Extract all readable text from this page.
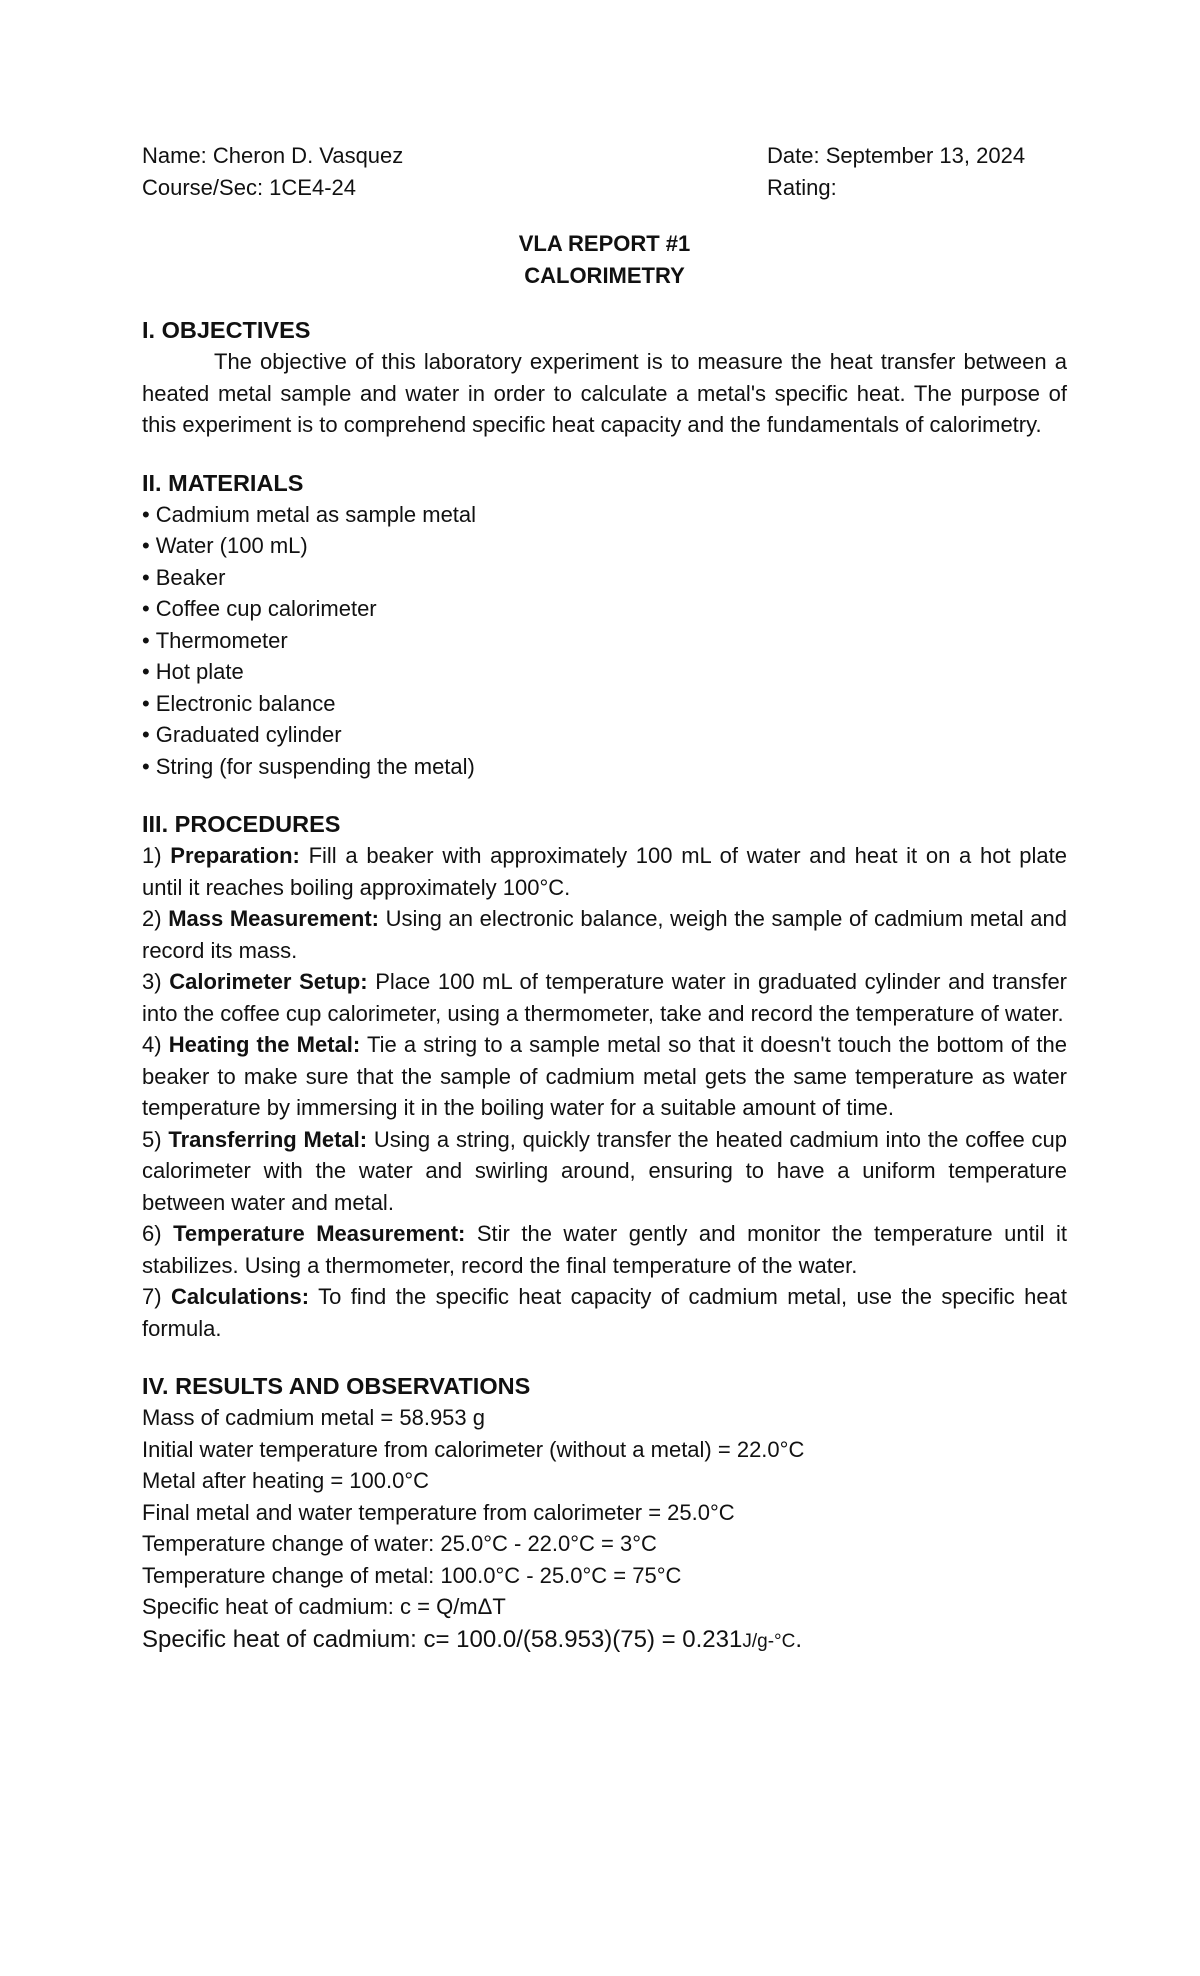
Name: Cheron D. Vasquez	Date: September 13, 2024
Course/Sec: 1CE4-24	Rating:
VLA REPORT #1
CALORIMETRY
I. OBJECTIVES

The objective of this laboratory experiment is to measure the heat transfer between a heated metal sample and water in order to calculate a metal's specific heat. The purpose of this experiment is to comprehend specific heat capacity and the fundamentals of calorimetry.

II. MATERIALS
• Cadmium metal as sample metal
• Water (100 mL)
• Beaker
• Coffee cup calorimeter
• Thermometer
• Hot plate
• Electronic balance
• Graduated cylinder
• String (for suspending the metal)
III. PROCEDURES
1) Preparation: Fill a beaker with approximately 100 mL of water and heat it on a hot plate until it reaches boiling approximately 100°C.
2) Mass Measurement: Using an electronic balance, weigh the sample of cadmium metal and record its mass.
3) Calorimeter Setup: Place 100 mL of temperature water in graduated cylinder and transfer into the coffee cup calorimeter, using a thermometer, take and record the temperature of water.
4) Heating the Metal: Tie a string to a sample metal so that it doesn't touch the bottom of the beaker to make sure that the sample of cadmium metal gets the same temperature as water temperature by immersing it in the boiling water for a suitable amount of time.
5) Transferring Metal: Using a string, quickly transfer the heated cadmium into the coffee cup calorimeter with the water and swirling around, ensuring to have a uniform temperature between water and metal.
6) Temperature Measurement: Stir the water gently and monitor the temperature until it stabilizes. Using a thermometer, record the final temperature of the water.
7) Calculations: To find the specific heat capacity of cadmium metal, use the specific heat formula.
IV. RESULTS AND OBSERVATIONS
Mass of cadmium metal = 58.953 g
Initial water temperature from calorimeter (without a metal) = 22.0°C
Metal after heating = 100.0°C
Final metal and water temperature from calorimeter = 25.0°C
Temperature change of water: 25.0°C - 22.0°C = 3°C
Temperature change of metal: 100.0°C - 25.0°C = 75°C
Specific heat of cadmium: c = Q/mΔT
Specific heat of cadmium: c= 100.0/(58.953)(75) = 0.231J/g-°C.
